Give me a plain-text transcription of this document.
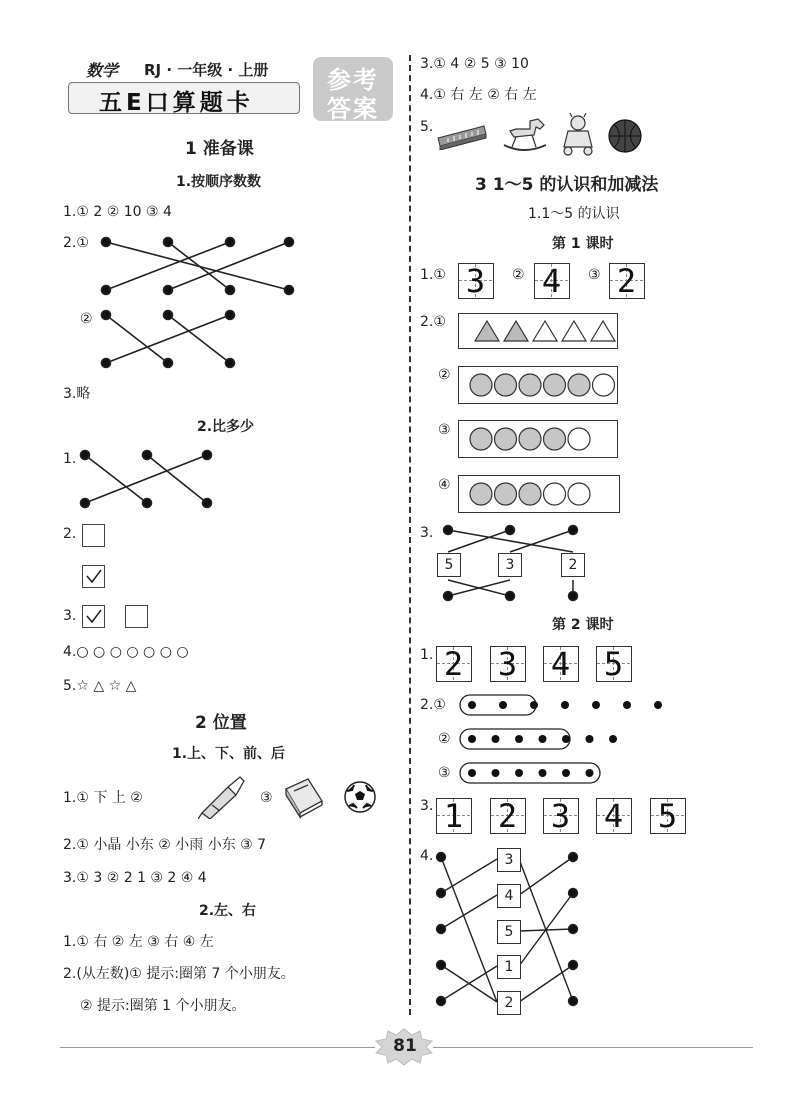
数学 RJ · 一年级 · 上册
五E口算题卡
参考
答案
1 准备课
1.按顺序数数
1.① 2 ② 10 ③ 4
2.①
②
3.略
2.比多少
1.
2.
3.
4.○ ○ ○ ○ ○ ○ ○
5.☆ △ ☆ △
2 位置
1.上、下、前、后
1.① 下 上 ②	③
2.① 小晶 小东 ② 小雨 小东 ③ 7
3.① 3 ② 2 1 ③ 2 ④ 4
2.左、右
1.① 右 ② 左 ③ 右 ④ 左
2.(从左数)① 提示:圈第 7 个小朋友。
② 提示:圈第 1 个小朋友。
3.① 4 ② 5 ③ 10
4.① 右 左 ② 右 左
5.
3 1～5 的认识和加减法
1.1～5 的认识
第 1 课时
1.①	②	③
3 4 2
2.①
②
③
④
3.
5	3	2
第 2 课时
1. 2 3 4 5
2.①
②
③
3. 1 2 3 4 5
4.	3
4
5
1
2
81
